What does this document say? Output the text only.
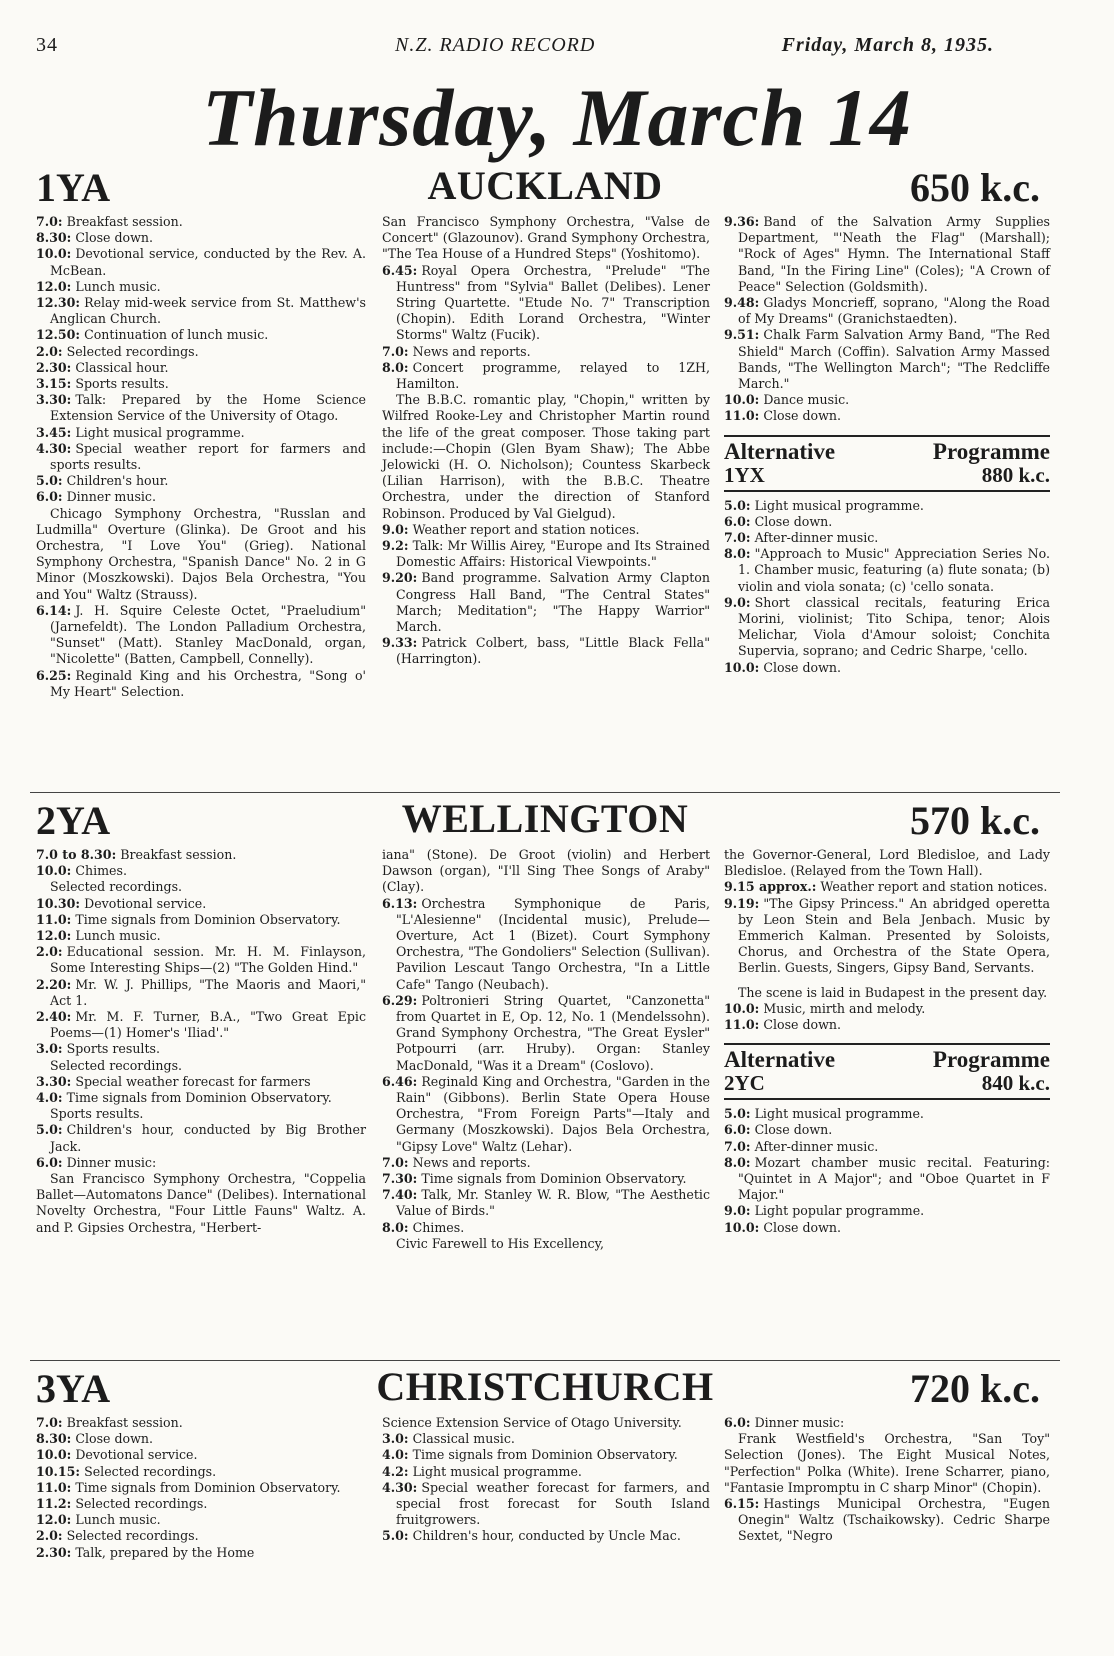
34	N.Z. RADIO RECORD	Friday, March 8, 1935.
Thursday, March 14
AUCKLAND
1YA	650 k.c.
7.0: Breakfast session.
8.30: Close down.
10.0: Devotional service, conducted by the Rev. A. McBean.
12.0: Lunch music.
12.30: Relay mid-week service from St. Matthew's Anglican Church.
12.50: Continuation of lunch music.
2.0: Selected recordings.
2.30: Classical hour.
3.15: Sports results.
3.30: Talk: Prepared by the Home Science Extension Service of the University of Otago.
3.45: Light musical programme.
4.30: Special weather report for farmers and sports results.
5.0: Children's hour.
6.0: Dinner music.
Chicago Symphony Orchestra, "Russlan and Ludmilla" Overture (Glinka). De Groot and his Orchestra, "I Love You" (Grieg). National Symphony Orchestra, "Spanish Dance" No. 2 in G Minor (Moszkowski). Dajos Bela Orchestra, "You and You" Waltz (Strauss).
6.14: J. H. Squire Celeste Octet, "Praeludium" (Jarnefeldt). The London Palladium Orchestra, "Sunset" (Matt). Stanley MacDonald, organ, "Nicolette" (Batten, Campbell, Connelly).
6.25: Reginald King and his Orchestra, "Song o' My Heart" Selection.
San Francisco Symphony Orchestra, "Valse de Concert" (Glazounov). Grand Symphony Orchestra, "The Tea House of a Hundred Steps" (Yoshitomo).
6.45: Royal Opera Orchestra, "Prelude" "The Huntress" from "Sylvia" Ballet (Delibes). Lener String Quartette. "Etude No. 7" Transcription (Chopin). Edith Lorand Orchestra, "Winter Storms" Waltz (Fucik).
7.0: News and reports.
8.0: Concert programme, relayed to 1ZH, Hamilton.
The B.B.C. romantic play, "Chopin," written by Wilfred Rooke-Ley and Christopher Martin round the life of the great composer. Those taking part include:—Chopin (Glen Byam Shaw); The Abbe Jelowicki (H. O. Nicholson); Countess Skarbeck (Lilian Harrison), with the B.B.C. Theatre Orchestra, under the direction of Stanford Robinson. Produced by Val Gielgud).
9.0: Weather report and station notices.
9.2: Talk: Mr Willis Airey, "Europe and Its Strained Domestic Affairs: Historical Viewpoints."
9.20: Band programme. Salvation Army Clapton Congress Hall Band, "The Central States" March; Meditation"; "The Happy Warrior" March.
9.33: Patrick Colbert, bass, "Little Black Fella" (Harrington).
9.36: Band of the Salvation Army Supplies Department, "'Neath the Flag" (Marshall); "Rock of Ages" Hymn. The International Staff Band, "In the Firing Line" (Coles); "A Crown of Peace" Selection (Goldsmith).
9.48: Gladys Moncrieff, soprano, "Along the Road of My Dreams" (Granichstaedten).
9.51: Chalk Farm Salvation Army Band, "The Red Shield" March (Coffin). Salvation Army Massed Bands, "The Wellington March"; "The Redcliffe March."
10.0: Dance music.
11.0: Close down.
Alternative	Programme
1YX	880 k.c.
5.0: Light musical programme.
6.0: Close down.
7.0: After-dinner music.
8.0: "Approach to Music" Appreciation Series No. 1. Chamber music, featuring (a) flute sonata; (b) violin and viola sonata; (c) 'cello sonata.
9.0: Short classical recitals, featuring Erica Morini, violinist; Tito Schipa, tenor; Alois Melichar, Viola d'Amour soloist; Conchita Supervia, soprano; and Cedric Sharpe, 'cello.
10.0: Close down.
WELLINGTON
2YA	570 k.c.
7.0 to 8.30: Breakfast session.
10.0: Chimes.
Selected recordings.
10.30: Devotional service.
11.0: Time signals from Dominion Observatory.
12.0: Lunch music.
2.0: Educational session. Mr. H. M. Finlayson, Some Interesting Ships—(2) "The Golden Hind."
2.20: Mr. W. J. Phillips, "The Maoris and Maori," Act 1.
2.40: Mr. M. F. Turner, B.A., "Two Great Epic Poems—(1) Homer's 'Iliad'."
3.0: Sports results.
Selected recordings.
3.30: Special weather forecast for farmers
4.0: Time signals from Dominion Observatory.
Sports results.
5.0: Children's hour, conducted by Big Brother Jack.
6.0: Dinner music:
San Francisco Symphony Orchestra, "Coppelia Ballet—Automatons Dance" (Delibes). International Novelty Orchestra, "Four Little Fauns" Waltz. A. and P. Gipsies Orchestra, "Herbert-
iana" (Stone). De Groot (violin) and Herbert Dawson (organ), "I'll Sing Thee Songs of Araby" (Clay).
6.13: Orchestra Symphonique de Paris, "L'Alesienne" (Incidental music), Prelude—Overture, Act 1 (Bizet). Court Symphony Orchestra, "The Gondoliers" Selection (Sullivan). Pavilion Lescaut Tango Orchestra, "In a Little Cafe" Tango (Neubach).
6.29: Poltronieri String Quartet, "Canzonetta" from Quartet in E, Op. 12, No. 1 (Mendelssohn). Grand Symphony Orchestra, "The Great Eysler" Potpourri (arr. Hruby). Organ: Stanley MacDonald, "Was it a Dream" (Coslovo).
6.46: Reginald King and Orchestra, "Garden in the Rain" (Gibbons). Berlin State Opera House Orchestra, "From Foreign Parts"—Italy and Germany (Moszkowski). Dajos Bela Orchestra, "Gipsy Love" Waltz (Lehar).
7.0: News and reports.
7.30: Time signals from Dominion Observatory.
7.40: Talk, Mr. Stanley W. R. Blow, "The Aesthetic Value of Birds."
8.0: Chimes.
Civic Farewell to His Excellency,
the Governor-General, Lord Bledisloe, and Lady Bledisloe. (Relayed from the Town Hall).
9.15 approx.: Weather report and station notices.
9.19: "The Gipsy Princess." An abridged operetta by Leon Stein and Bela Jenbach. Music by Emmerich Kalman. Presented by Soloists, Chorus, and Orchestra of the State Opera, Berlin. Guests, Singers, Gipsy Band, Servants.
The scene is laid in Budapest in the present day.
10.0: Music, mirth and melody.
11.0: Close down.
Alternative	Programme
2YC	840 k.c.
5.0: Light musical programme.
6.0: Close down.
7.0: After-dinner music.
8.0: Mozart chamber music recital. Featuring: "Quintet in A Major"; and "Oboe Quartet in F Major."
9.0: Light popular programme.
10.0: Close down.
CHRISTCHURCH
3YA	720 k.c.
7.0: Breakfast session.
8.30: Close down.
10.0: Devotional service.
10.15: Selected recordings.
11.0: Time signals from Dominion Observatory.
11.2: Selected recordings.
12.0: Lunch music.
2.0: Selected recordings.
2.30: Talk, prepared by the Home
Science Extension Service of Otago University.
3.0: Classical music.
4.0: Time signals from Dominion Observatory.
4.2: Light musical programme.
4.30: Special weather forecast for farmers, and special frost forecast for South Island fruitgrowers.
5.0: Children's hour, conducted by Uncle Mac.
6.0: Dinner music:
Frank Westfield's Orchestra, "San Toy" Selection (Jones). The Eight Musical Notes, "Perfection" Polka (White). Irene Scharrer, piano, "Fantasie Impromptu in C sharp Minor" (Chopin).
6.15: Hastings Municipal Orchestra, "Eugen Onegin" Waltz (Tschaikowsky). Cedric Sharpe Sextet, "Negro
